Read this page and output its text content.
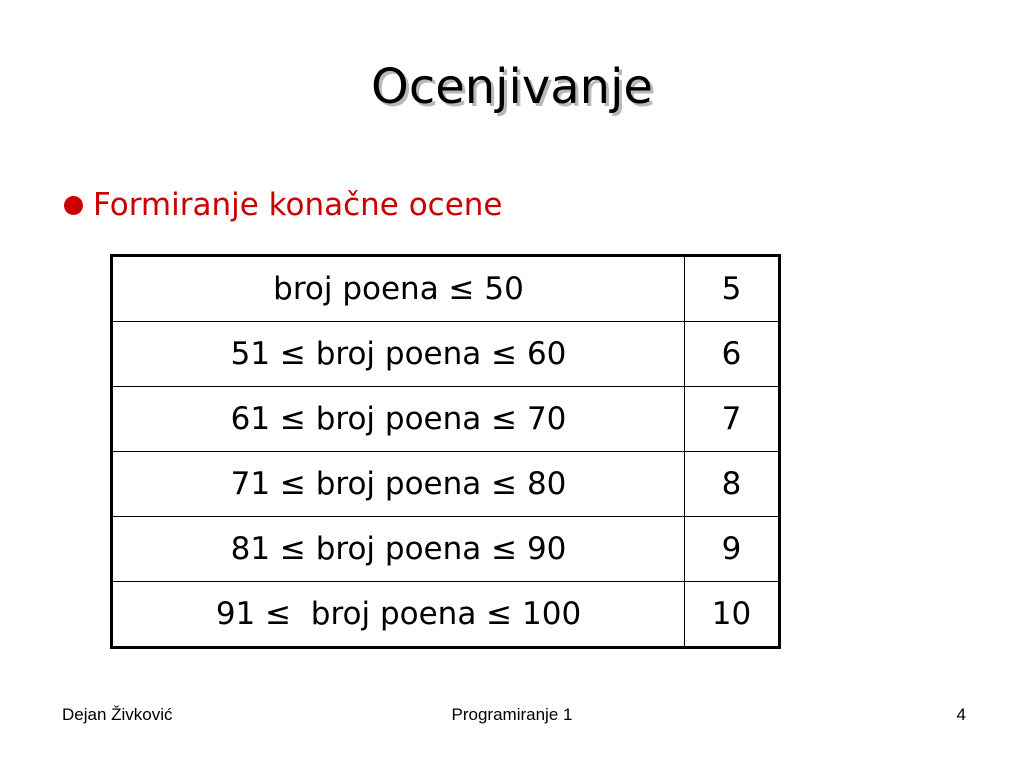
Ocenjivanje
Formiranje konačne ocene
broj poena ≤ 50	5
51 ≤ broj poena ≤ 60	6
61 ≤ broj poena ≤ 70	7
71 ≤ broj poena ≤ 80	8
81 ≤ broj poena ≤ 90	9
91 ≤  broj poena ≤ 100	10
Dejan Živković	Programiranje 1	4
